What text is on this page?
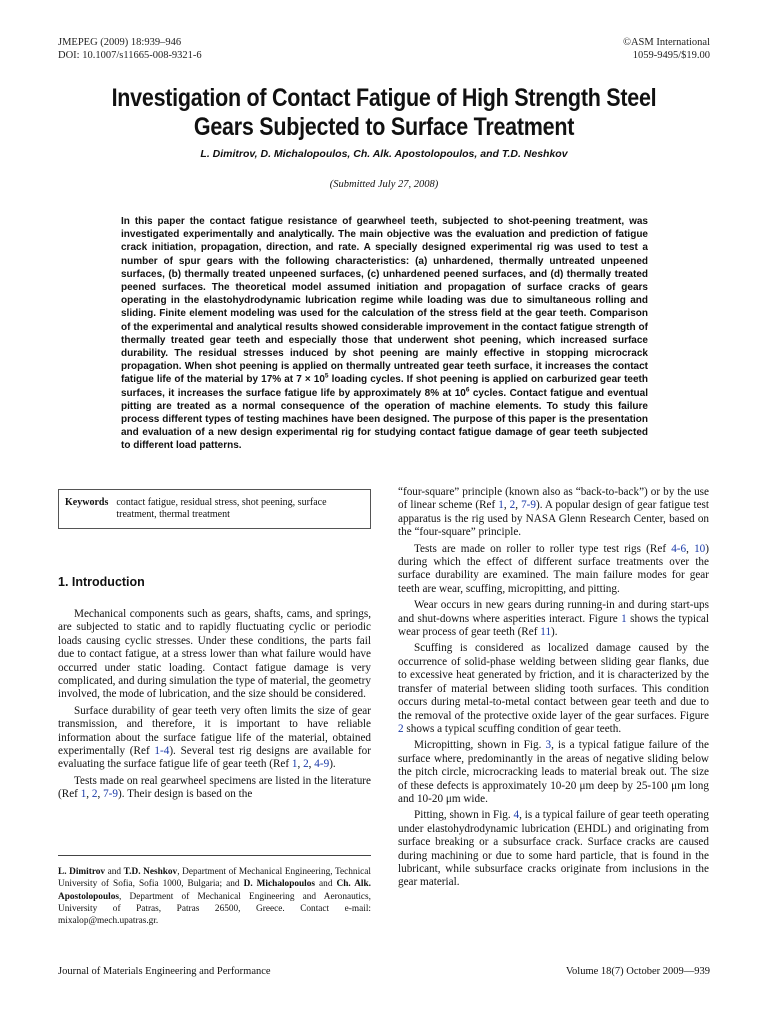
JMEPEG (2009) 18:939–946
DOI: 10.1007/s11665-008-9321-6
©ASM International
1059-9495/$19.00
Investigation of Contact Fatigue of High Strength Steel Gears Subjected to Surface Treatment
L. Dimitrov, D. Michalopoulos, Ch. Alk. Apostolopoulos, and T.D. Neshkov
(Submitted July 27, 2008)
In this paper the contact fatigue resistance of gearwheel teeth, subjected to shot-peening treatment, was investigated experimentally and analytically. The main objective was the evaluation and prediction of fatigue crack initiation, propagation, direction, and rate. A specially designed experimental rig was used to test a number of spur gears with the following characteristics: (a) unhardened, thermally untreated unpeened surfaces, (b) thermally treated unpeened surfaces, (c) unhardened peened surfaces, and (d) thermally treated peened surfaces. The theoretical model assumed initiation and propagation of surface cracks of gears operating in the elastohydrodynamic lubrication regime while loading was due to simultaneous rolling and sliding. Finite element modeling was used for the calculation of the stress field at the gear teeth. Comparison of the experimental and analytical results showed considerable improvement in the contact fatigue strength of thermally treated gear teeth and especially those that underwent shot peening, which increased surface durability. The residual stresses induced by shot peening are mainly effective in stopping microcrack propagation. When shot peening is applied on thermally untreated gear teeth surface, it increases the contact fatigue life of the material by 17% at $7 \times 10^5$ loading cycles. If shot peening is applied on carburized gear teeth surfaces, it increases the surface fatigue life by approximately 8% at $10^6$ cycles. Contact fatigue and eventual pitting are treated as a normal consequence of the operation of machine elements. To study this failure process different types of testing machines have been designed. The purpose of this paper is the presentation and evaluation of a new design experimental rig for studying contact fatigue damage of gear teeth subjected to different load patterns.
Keywords contact fatigue, residual stress, shot peening, surface treatment, thermal treatment
1. Introduction

Mechanical components such as gears, shafts, cams, and springs, are subjected to static and to rapidly fluctuating cyclic or periodic loads causing cyclic stresses. Under these conditions, the parts fail due to contact fatigue, at a stress lower than what failure would have occurred under static loading. Contact fatigue damage is very complicated, and during simulation the type of material, the geometry involved, the mode of lubrication, and the size should be considered.

Surface durability of gear teeth very often limits the size of gear transmission, and therefore, it is important to have reliable information about the surface fatigue life of the material, obtained experimentally (Ref 1-4). Several test rig designs are available for evaluating the surface fatigue life of gear teeth (Ref 1, 2, 4-9).

Tests made on real gearwheel specimens are listed in the literature (Ref 1, 2, 7-9). Their design is based on the

L. Dimitrov and T.D. Neshkov, Department of Mechanical Engineering, Technical University of Sofia, Sofia 1000, Bulgaria; and D. Michalopoulos and Ch. Alk. Apostolopoulos, Department of Mechanical Engineering and Aeronautics, University of Patras, Patras 26500, Greece. Contact e-mail: mixalop@mech.upatras.gr.

“four-square” principle (known also as “back-to-back”) or by the use of linear scheme (Ref 1, 2, 7-9). A popular design of gear fatigue test apparatus is the rig used by NASA Glenn Research Center, based on the “four-square” principle.

Tests are made on roller to roller type test rigs (Ref 4-6, 10) during which the effect of different surface treatments over the surface durability are examined. The main failure modes for gear teeth are wear, scuffing, micropitting, and pitting.

Wear occurs in new gears during running-in and during start-ups and shut-downs where asperities interact. Figure 1 shows the typical wear process of gear teeth (Ref 11).

Scuffing is considered as localized damage caused by the occurrence of solid-phase welding between sliding gear flanks, due to excessive heat generated by friction, and it is characterized by the transfer of material between sliding tooth surfaces. This condition occurs during metal-to-metal contact between gear teeth and due to the removal of the protective oxide layer of the gear surfaces. Figure 2 shows a typical scuffing condition of gear teeth.

Micropitting, shown in Fig. 3, is a typical fatigue failure of the surface where, predominantly in the areas of negative sliding below the pitch circle, microcracking leads to material break out. The size of these defects is approximately 10-20 μm deep by 25-100 μm long and 10-20 μm wide.

Pitting, shown in Fig. 4, is a typical failure of gear teeth operating under elastohydrodynamic lubrication (EHDL) and originating from surface breaking or a subsurface crack. Surface cracks are caused during machining or due to some hard particle, that is found in the lubricant, while subsurface cracks originate from inclusions in the gear material.

Journal of Materials Engineering and Performance	Volume 18(7) October 2009—939
